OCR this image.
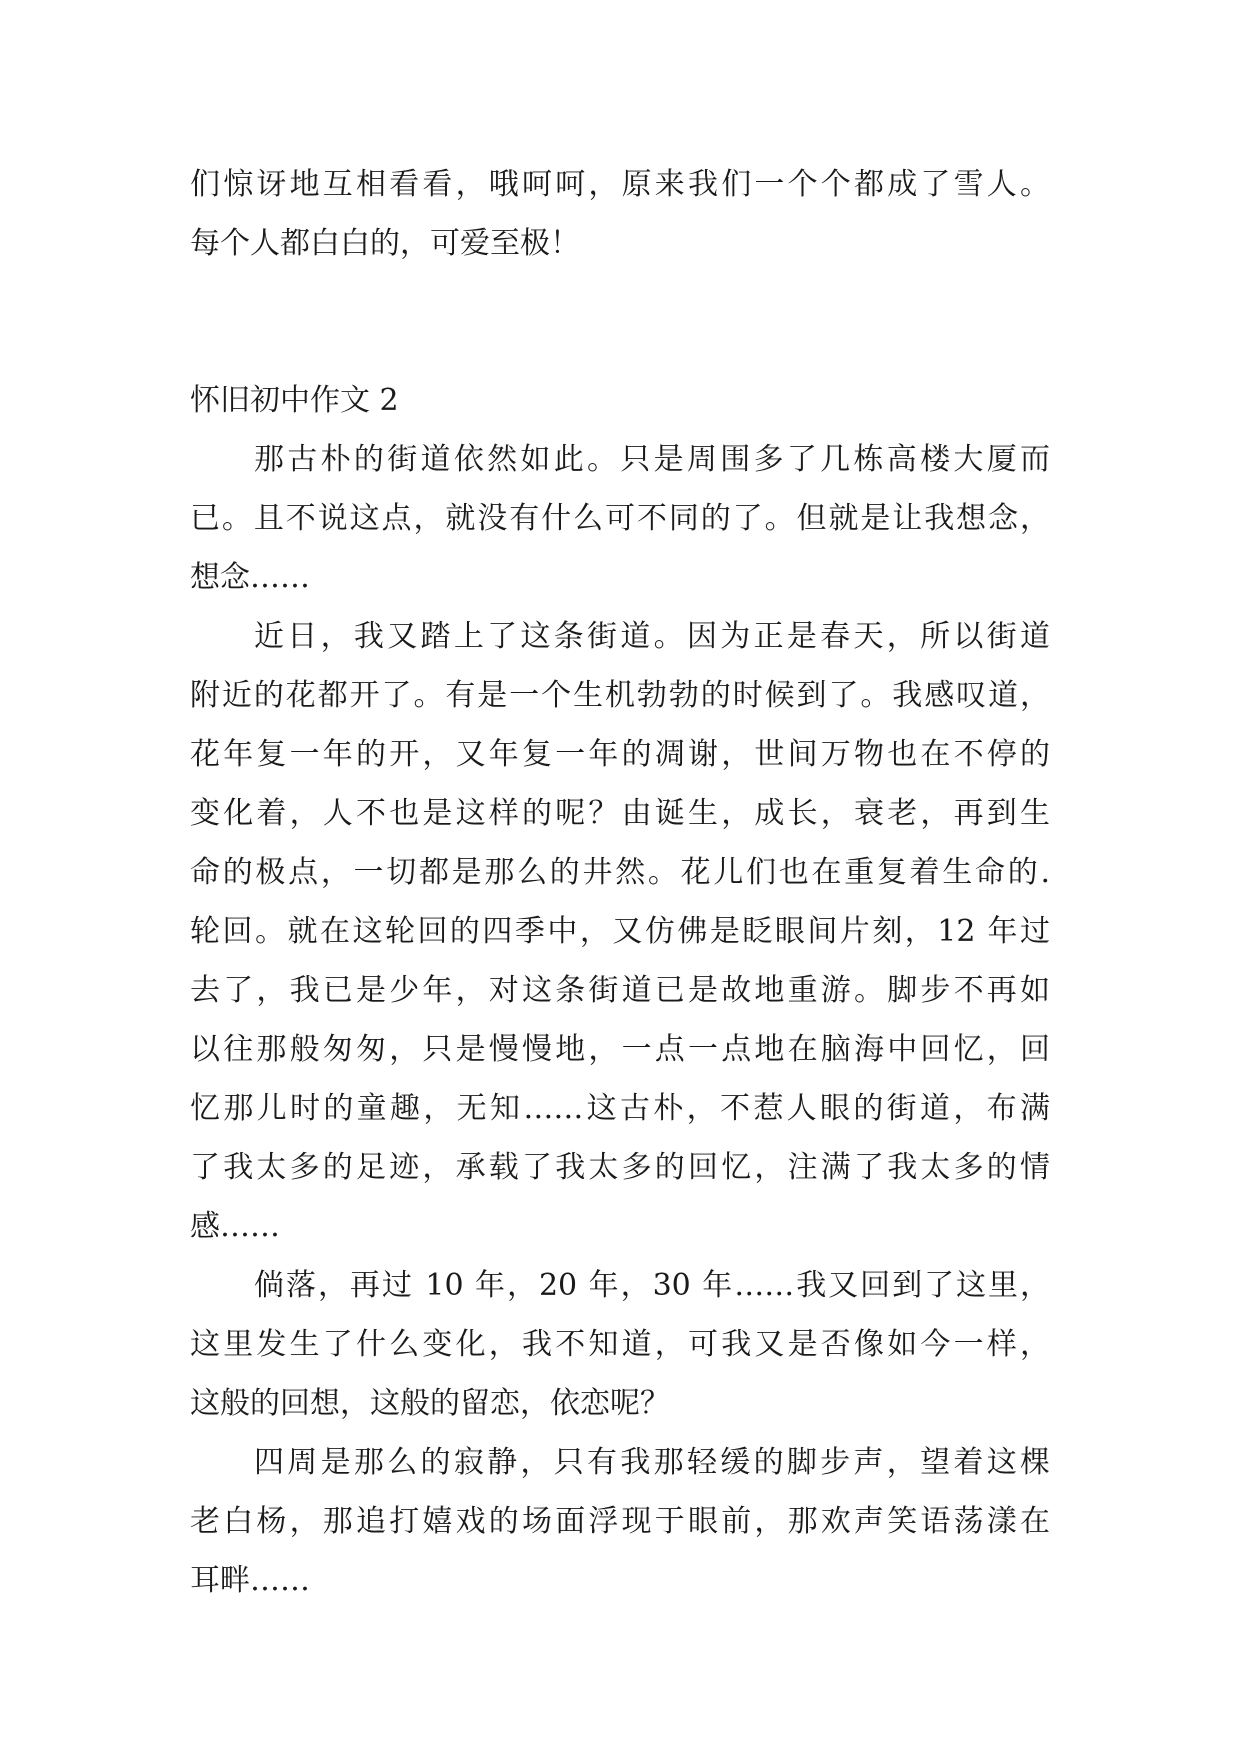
们惊讶地互相看看，哦呵呵，原来我们一个个都成了雪人。
每个人都白白的，可爱至极！
怀旧初中作文 2
那古朴的街道依然如此。只是周围多了几栋高楼大厦而
已。且不说这点，就没有什么可不同的了。但就是让我想念，
想念……
近日，我又踏上了这条街道。因为正是春天，所以街道
附近的花都开了。有是一个生机勃勃的时候到了。我感叹道，
花年复一年的开，又年复一年的凋谢，世间万物也在不停的
变化着，人不也是这样的呢？由诞生，成长，衰老，再到生
命的极点，一切都是那么的井然。花儿们也在重复着生命的.
轮回。就在这轮回的四季中，又仿佛是眨眼间片刻，12 年过
去了，我已是少年，对这条街道已是故地重游。脚步不再如
以往那般匆匆，只是慢慢地，一点一点地在脑海中回忆，回
忆那儿时的童趣，无知……这古朴，不惹人眼的街道，布满
了我太多的足迹，承载了我太多的回忆，注满了我太多的情
感……
倘落，再过 10 年，20 年，30 年……我又回到了这里，
这里发生了什么变化，我不知道，可我又是否像如今一样，
这般的回想，这般的留恋，依恋呢？
四周是那么的寂静，只有我那轻缓的脚步声，望着这棵
老白杨，那追打嬉戏的场面浮现于眼前，那欢声笑语荡漾在
耳畔……
